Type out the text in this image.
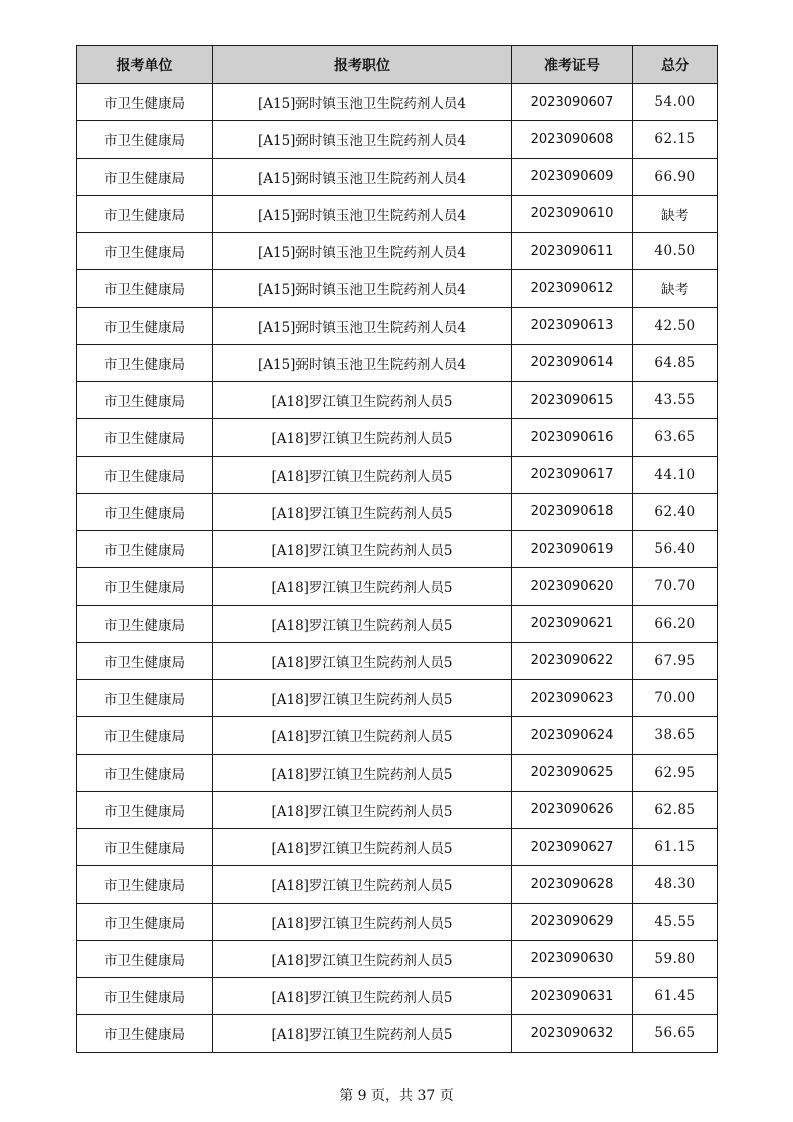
报考单位	报考职位	准考证号	总分
市卫生健康局	[A15]弼时镇玉池卫生院药剂人员4	2023090607	54.00
市卫生健康局	[A15]弼时镇玉池卫生院药剂人员4	2023090608	62.15
市卫生健康局	[A15]弼时镇玉池卫生院药剂人员4	2023090609	66.90
市卫生健康局	[A15]弼时镇玉池卫生院药剂人员4	2023090610	缺考
市卫生健康局	[A15]弼时镇玉池卫生院药剂人员4	2023090611	40.50
市卫生健康局	[A15]弼时镇玉池卫生院药剂人员4	2023090612	缺考
市卫生健康局	[A15]弼时镇玉池卫生院药剂人员4	2023090613	42.50
市卫生健康局	[A15]弼时镇玉池卫生院药剂人员4	2023090614	64.85
市卫生健康局	[A18]罗江镇卫生院药剂人员5	2023090615	43.55
市卫生健康局	[A18]罗江镇卫生院药剂人员5	2023090616	63.65
市卫生健康局	[A18]罗江镇卫生院药剂人员5	2023090617	44.10
市卫生健康局	[A18]罗江镇卫生院药剂人员5	2023090618	62.40
市卫生健康局	[A18]罗江镇卫生院药剂人员5	2023090619	56.40
市卫生健康局	[A18]罗江镇卫生院药剂人员5	2023090620	70.70
市卫生健康局	[A18]罗江镇卫生院药剂人员5	2023090621	66.20
市卫生健康局	[A18]罗江镇卫生院药剂人员5	2023090622	67.95
市卫生健康局	[A18]罗江镇卫生院药剂人员5	2023090623	70.00
市卫生健康局	[A18]罗江镇卫生院药剂人员5	2023090624	38.65
市卫生健康局	[A18]罗江镇卫生院药剂人员5	2023090625	62.95
市卫生健康局	[A18]罗江镇卫生院药剂人员5	2023090626	62.85
市卫生健康局	[A18]罗江镇卫生院药剂人员5	2023090627	61.15
市卫生健康局	[A18]罗江镇卫生院药剂人员5	2023090628	48.30
市卫生健康局	[A18]罗江镇卫生院药剂人员5	2023090629	45.55
市卫生健康局	[A18]罗江镇卫生院药剂人员5	2023090630	59.80
市卫生健康局	[A18]罗江镇卫生院药剂人员5	2023090631	61.45
市卫生健康局	[A18]罗江镇卫生院药剂人员5	2023090632	56.65
第 9 页，共 37 页
